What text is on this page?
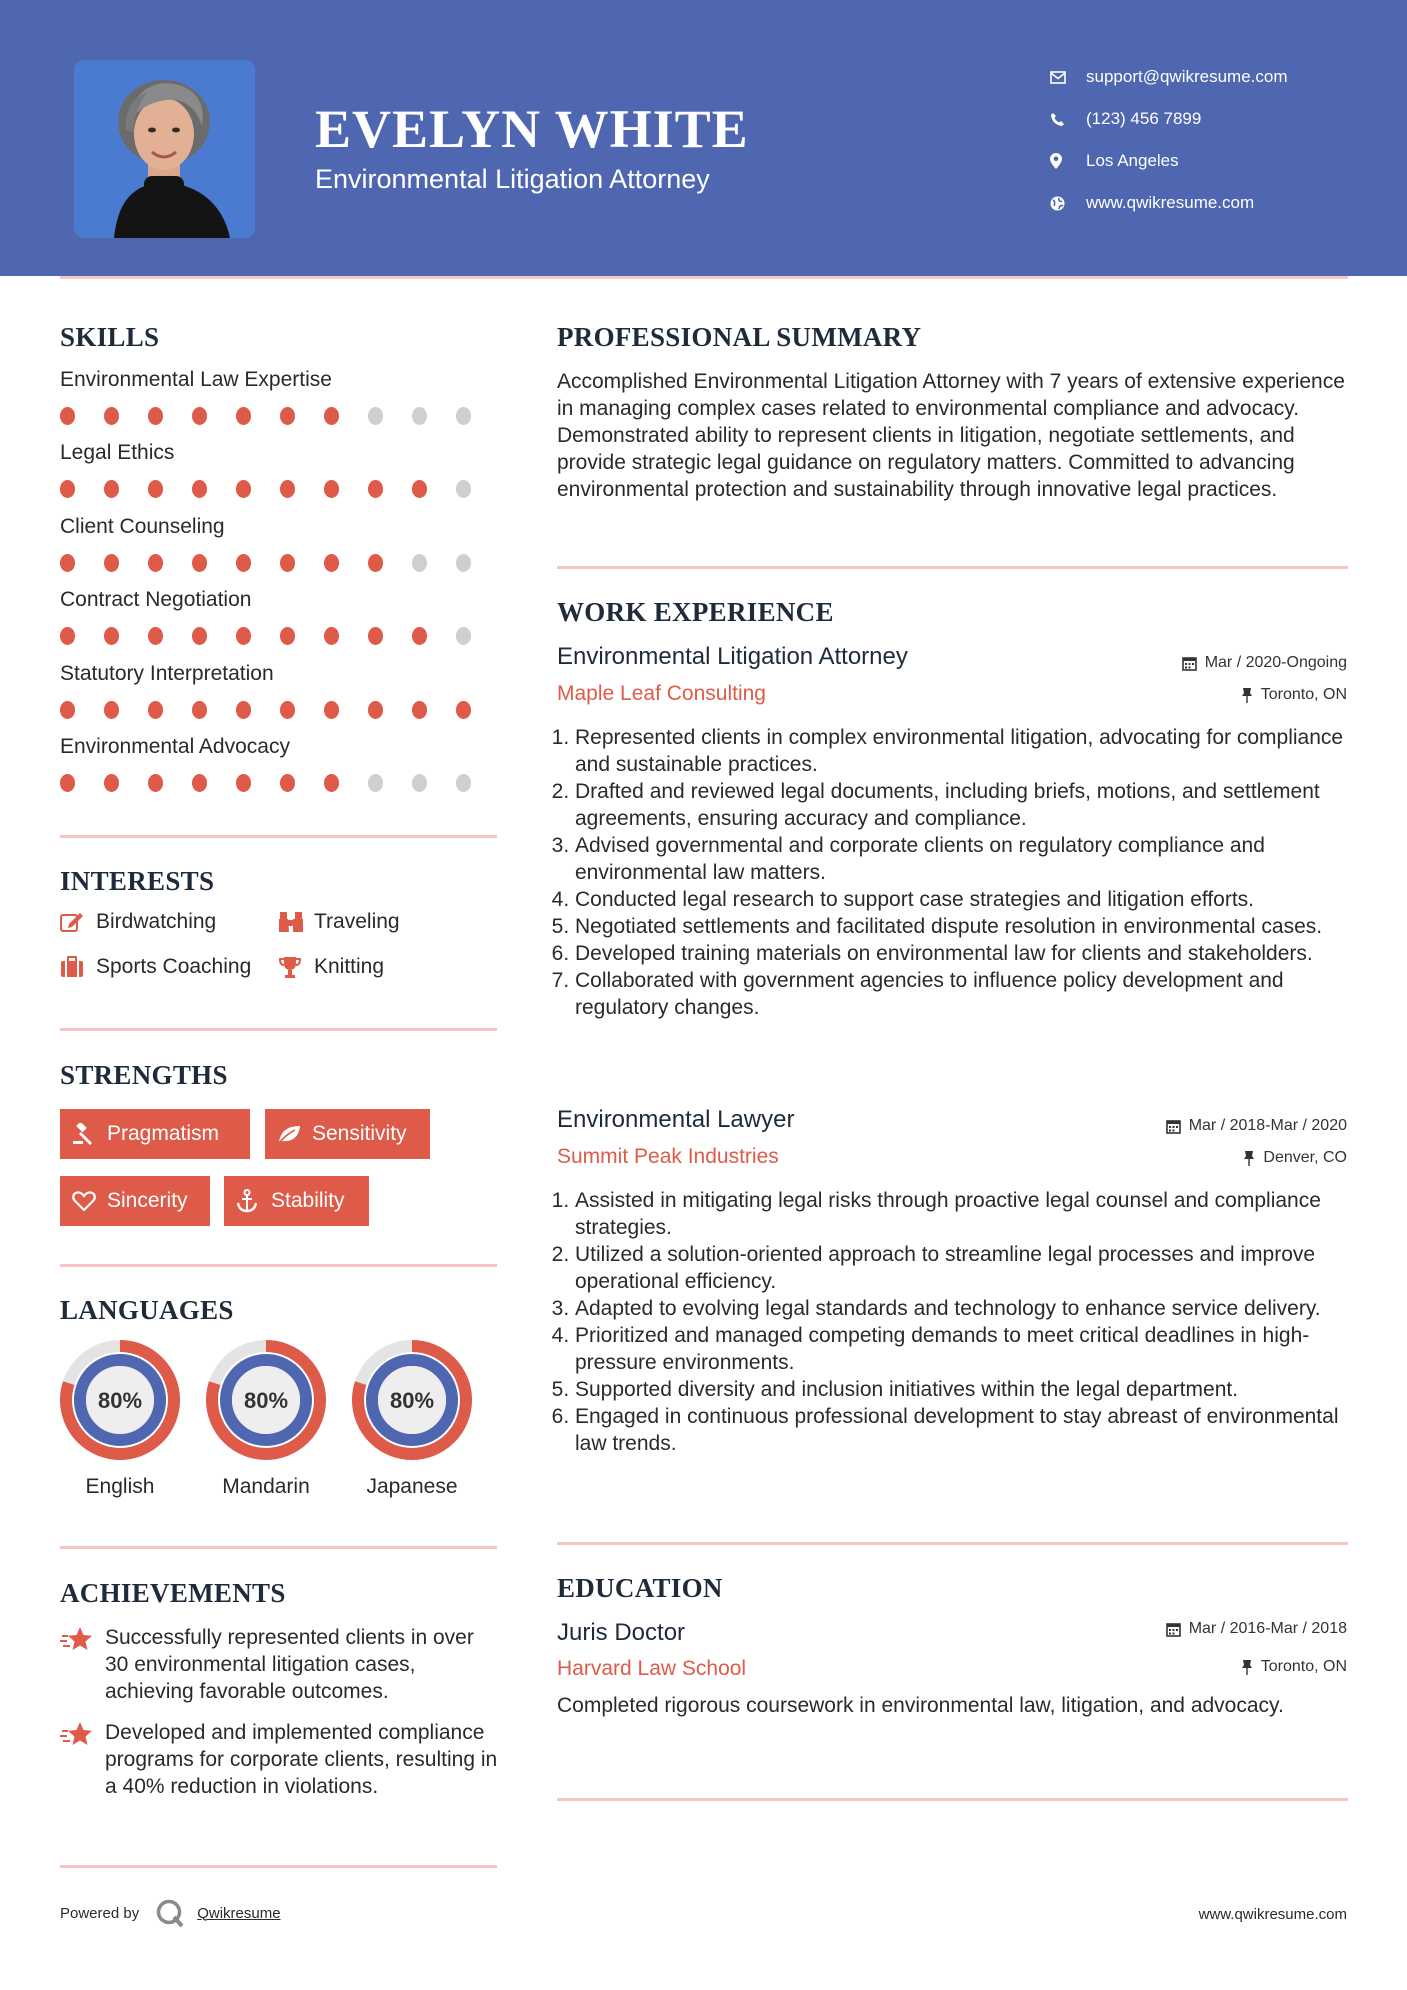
EVELYN WHITE
Environmental Litigation Attorney
support@qwikresume.com
(123) 456 7899
Los Angeles
www.qwikresume.com
SKILLS
Environmental Law Expertise
Legal Ethics
Client Counseling
Contract Negotiation
Statutory Interpretation
Environmental Advocacy
INTERESTS
Birdwatching	Traveling
Sports Coaching	Knitting
STRENGTHS
Pragmatism	Sensitivity
Sincerity	Stability
LANGUAGES
80%
English
80%
Mandarin
80%
Japanese
ACHIEVEMENTS
Successfully represented clients in over 30 environmental litigation cases, achieving favorable outcomes.
Developed and implemented compliance programs for corporate clients, resulting in a 40% reduction in violations.
PROFESSIONAL SUMMARY
Accomplished Environmental Litigation Attorney with 7 years of extensive experience in managing complex cases related to environmental compliance and advocacy. Demonstrated ability to represent clients in litigation, negotiate settlements, and provide strategic legal guidance on regulatory matters. Committed to advancing environmental protection and sustainability through innovative legal practices.
WORK EXPERIENCE
Environmental Litigation Attorney	Mar / 2020-Ongoing
Maple Leaf Consulting	Toronto, ON
1. Represented clients in complex environmental litigation, advocating for compliance and sustainable practices.
2. Drafted and reviewed legal documents, including briefs, motions, and settlement agreements, ensuring accuracy and compliance.
3. Advised governmental and corporate clients on regulatory compliance and environmental law matters.
4. Conducted legal research to support case strategies and litigation efforts.
5. Negotiated settlements and facilitated dispute resolution in environmental cases.
6. Developed training materials on environmental law for clients and stakeholders.
7. Collaborated with government agencies to influence policy development and regulatory changes.
Environmental Lawyer	Mar / 2018-Mar / 2020
Summit Peak Industries	Denver, CO
1. Assisted in mitigating legal risks through proactive legal counsel and compliance strategies.
2. Utilized a solution-oriented approach to streamline legal processes and improve operational efficiency.
3. Adapted to evolving legal standards and technology to enhance service delivery.
4. Prioritized and managed competing demands to meet critical deadlines in high-pressure environments.
5. Supported diversity and inclusion initiatives within the legal department.
6. Engaged in continuous professional development to stay abreast of environmental law trends.
EDUCATION
Juris Doctor	Mar / 2016-Mar / 2018
Harvard Law School	Toronto, ON
Completed rigorous coursework in environmental law, litigation, and advocacy.
Powered by	Qwikresume	www.qwikresume.com
